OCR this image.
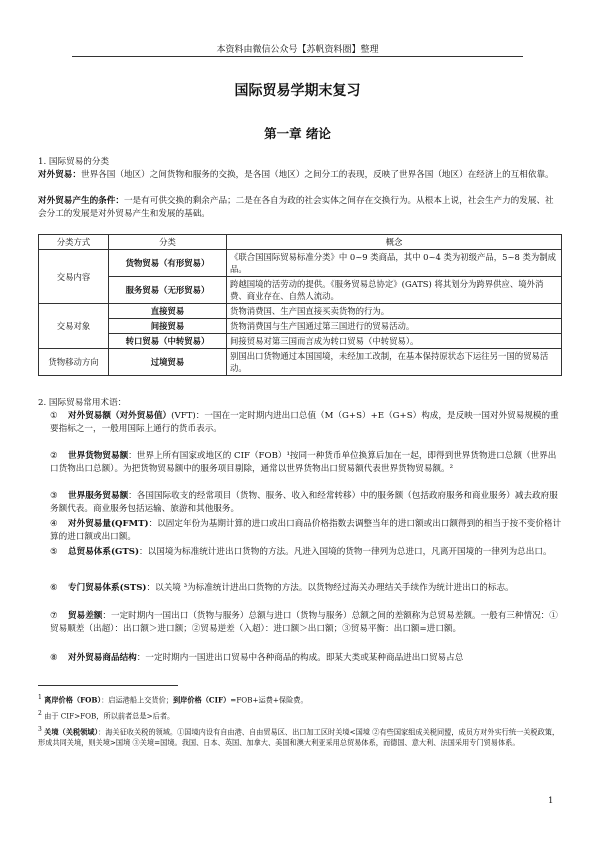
本资料由微信公众号【苏帆资料圈】整理
国际贸易学期末复习
第一章 绪论
1. 国际贸易的分类
对外贸易：世界各国（地区）之间货物和服务的交换，是各国（地区）之间分工的表现，反映了世界各国（地区）在经济上的互相依靠。
对外贸易产生的条件：一是有可供交换的剩余产品；二是在各自为政的社会实体之间存在交换行为。从根本上说，社会生产力的发展、社会分工的发展是对外贸易产生和发展的基础。
分类方式	分类	概念
交易内容	货物贸易（有形贸易）	《联合国国际贸易标准分类》中 0~9 类商品，其中 0~4 类为初级产品，5~8 类为制成品。
	服务贸易（无形贸易）	跨越国境的活劳动的提供。《服务贸易总协定》(GATS) 将其划分为跨界供应、境外消费、商业存在、自然人流动。
交易对象	直接贸易	货物消费国、生产国直接买卖货物的行为。
	间接贸易	货物消费国与生产国通过第三国进行的贸易活动。
	转口贸易（中转贸易）	间接贸易对第三国而言成为转口贸易（中转贸易）。
货物移动方向	过境贸易	别国出口货物通过本国国境，未经加工改制，在基本保持原状态下运往另一国的贸易活动。
2. 国际贸易常用术语：
① 对外贸易额（对外贸易值）(VFT)：一国在一定时期内进出口总值（M（G+S）+E（G+S）构成，是反映一国对外贸易规模的重要指标之一，一般用国际上通行的货币表示。
② 世界货物贸易额：世界上所有国家或地区的 CIF（FOB）¹按同一种货币单位换算后加在一起，即得到世界货物进口总额（世界出口货物出口总额）。为把货物贸易额中的服务项目剔除，通常以世界货物出口贸易额代表世界货物贸易额。²
③ 世界服务贸易额：各国国际收支的经常项目（货物、服务、收入和经常转移）中的服务额（包括政府服务和商业服务）减去政府服务额代表。商业服务包括运输、旅游和其他服务。
④ 对外贸易量(QFMT)：以固定年份为基期计算的进口或出口商品价格指数去调整当年的进口额或出口额得到的相当于按不变价格计算的进口额或出口额。
⑤ 总贸易体系(GTS)：以国境为标准统计进出口货物的方法。凡进入国境的货物一律列为总进口，凡离开国境的一律列为总出口。
⑥ 专门贸易体系(STS)：以关境 ³为标准统计进出口货物的方法。以货物经过海关办理结关手续作为统计进出口的标志。
⑦ 贸易差额：一定时期内一国出口（货物与服务）总额与进口（货物与服务）总额之间的差额称为总贸易差额。一般有三种情况：①贸易顺差（出超）：出口额＞进口额；②贸易逆差（入超）：进口额＞出口额；③贸易平衡：出口额=进口额。
⑧ 对外贸易商品结构：一定时期内一国进出口贸易中各种商品的构成。即某大类或某种商品进出口贸易占总
$^1$ 离岸价格（FOB）：启运港船上交货价；到岸价格（CIF）=FOB+运费+保险费。
$^2$ 由于 CIF>FOB，所以前者总是>后者。
$^3$ 关境（关税领域）：海关征收关税的领域。①国境内设有自由港、自由贸易区、出口加工区时关境<国境 ②有些国家组成关税同盟，成员方对外实行统一关税政策，形成共同关境，则关境>国境 ③关境=国境。我国、日本、英国、加拿大、美国和澳大利亚采用总贸易体系，而德国、意大利、法国采用专门贸易体系。
1
